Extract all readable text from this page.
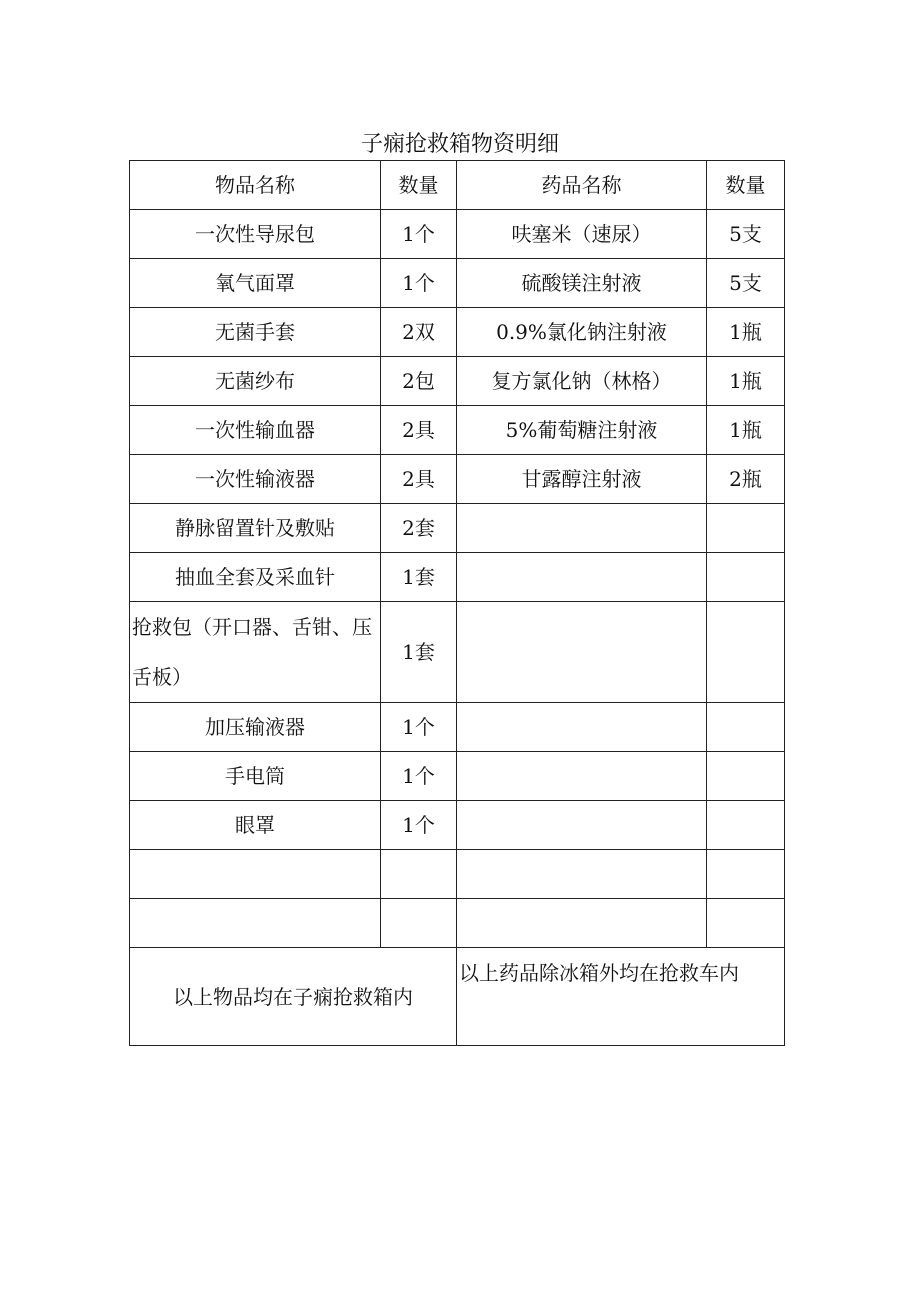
子痫抢救箱物资明细
物品名称	数量	药品名称	数量
一次性导尿包	1个	呋塞米（速尿）	5支
氧气面罩	1个	硫酸镁注射液	5支
无菌手套	2双	0.9%氯化钠注射液	1瓶
无菌纱布	2包	复方氯化钠（林格）	1瓶
一次性输血器	2具	5%葡萄糖注射液	1瓶
一次性输液器	2具	甘露醇注射液	2瓶
静脉留置针及敷贴	2套		
抽血全套及采血针	1套		
抢救包（开口器、舌钳、压舌板）	1套		
加压输液器	1个		
手电筒	1个		
眼罩	1个		

以上物品均在子痫抢救箱内		以上药品除冰箱外均在抢救车内	
